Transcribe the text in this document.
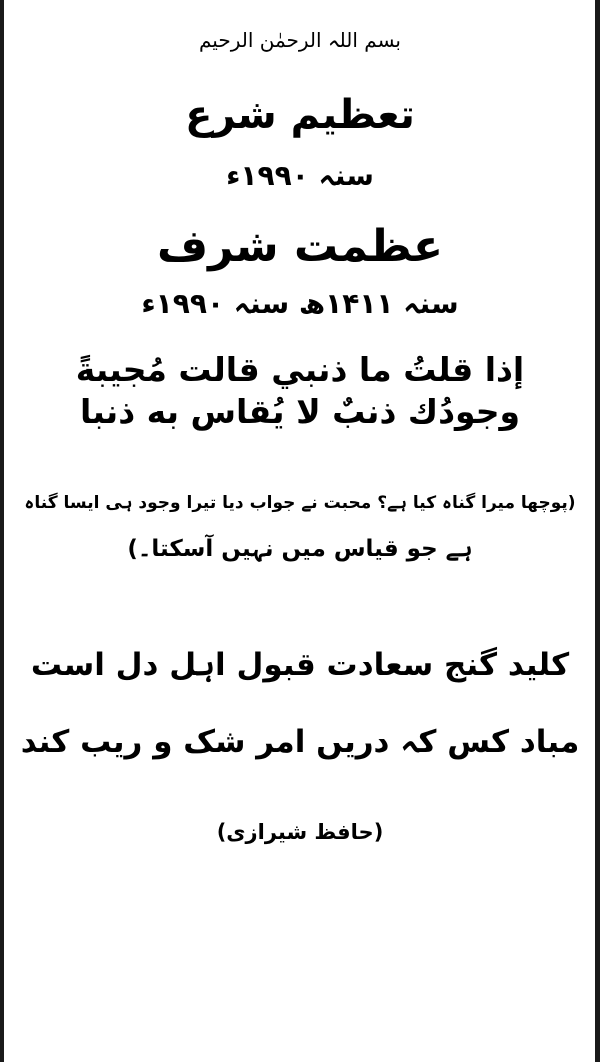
بسم اللہ الرحمٰن الرحیم
تعظیم شرع
سنہ ۱۹۹۰ء
عظمت شرف
سنہ ۱۴۱۱ھ سنہ ۱۹۹۰ء
إذا قلتُ ما ذنبي قالت مُجيبةً
وجودُك ذنبٌ لا يُقاس به ذنبا
(پوچھا میرا گناہ کیا ہے؟ محبت نے جواب دیا تیرا وجود ہی ایسا گناہ
ہے جو قیاس میں نہیں آسکتا۔)
کلید گنج سعادت قبول اہل دل است
مباد کس کہ دریں امر شک و ریب کند
(حافظ شیرازی)
